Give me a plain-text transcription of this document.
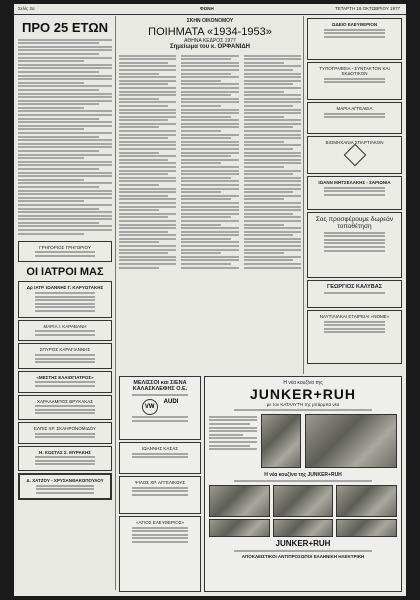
Σελίς 2α	ΦΩΝΗ	ΤΕΤΑΡΤΗ 18 ΟΚΤΩΒΡΙΟΥ 1977
ΠΡΟ 25 ΕΤΩΝ
ΓΡΗΓΟΡΙΟΣ ΓΡΗΓΟΡΙΟΥ
ΟΙ ΙΑΤΡΟΙ ΜΑΣ
Δρ ΙΑΤΡ. ΙΩΑΝΝΗΣ Γ. ΚΑΡΥΩΤΑΚΗΣ
ΜΑΡΙΑ Ι. ΚΑΡΑΒΑΝΗ
ΣΠΥΡΟΣ ΚΑΡΑΓΙΑΝΝΗΣ
«ΜΕΣΤΗΣ ΕΛΑΙΟΓΙΑΤΡΟΣ»
ΧΑΡΑΛΑΜΠΟΣ ΒΡΥΚΑΚΑΣ
ΕΛΠΙΣ ΧΡ. ΣΚΛΗΡΟΝΟΜΙΔΟΥ
Η. ΚΩΣΤΑΣ Σ. ΜΥΡΑΚΗΣ
Δ. ΧΑΤΖΟΥ - ΧΡΥΣΑΝΘΑΚΟΠΟΥΛΟΥ
ΣΚΗΝ ΟΙΚΟΝΟΜΟΥ
ΠΟΙΗΜΑΤΑ «1934-1953»
ΑΘΗΝΑ ΚΕΔΡΟΣ 1977
Σημείωμα του κ. ΟΡΦΑΝΙΔΗ
ΩΔΕΙΟ ΕΛΕΥΘΕΡΙΟΝ
ΤΥΠΟΓΡΑΦΕΙΑ - ΣΥΝΤΑΚΤΟΝ ΚΑΙ ΕΚΔΟΤΙΚΟΝ
ΜΑΡΙΑ ΑΓΓΕΛΕΙΑ
ΒΙΟΜΗΧΑΝΙΑ ΣΠΑΡΤΙΑΚΟΝ
ΙΩΑΝΝ ΜΗΤΣΕΛΑΚΗΣ - ΣΑΡΙΩΝΙΑ
Σας προσφέρουμε δωρεάν τοποθέτηση
ΓΕΩΡΓΙΟΣ ΚΑΛΥΒΑΣ
ΝΑΥΤΙΛΙΑΚΑΙ ΕΤΑΙΡΕΙΑΙ «ΝΟΜΕ»
ΜΕΛΙΣΣΟΙ και ΣΙΕΝΑ ΚΑΛΑΣΚΛΕΦΗΣ Ο.Ε.
VW
AUDI
ΙΩΑΝΝΗΣ ΚΑΣΑΣ
ΨΙΛΟΣ ΧΡ. ΑΓΓΕΛΙΚΟΥΣ
«ΑΓΙΟΣ ΕΛΕΥΘΕΡΙΟΣ»
Η νέα κουζίνα της
JUNKER+RUH
με τον ΚΑΤΑΛΥΤΗ της μπάρμπα νέα
Η νέα κουζίνα της JUNKER+RUH
JUNKER+RUH
ΑΠΟΚΛΕΙΣΤΙΚΟΙ ΑΝΤΙΠΡΟΣΩΠΟΙ ΕΛΛΗΝΙΚΗ ΗΛΕΚΤΡΙΚΗ
